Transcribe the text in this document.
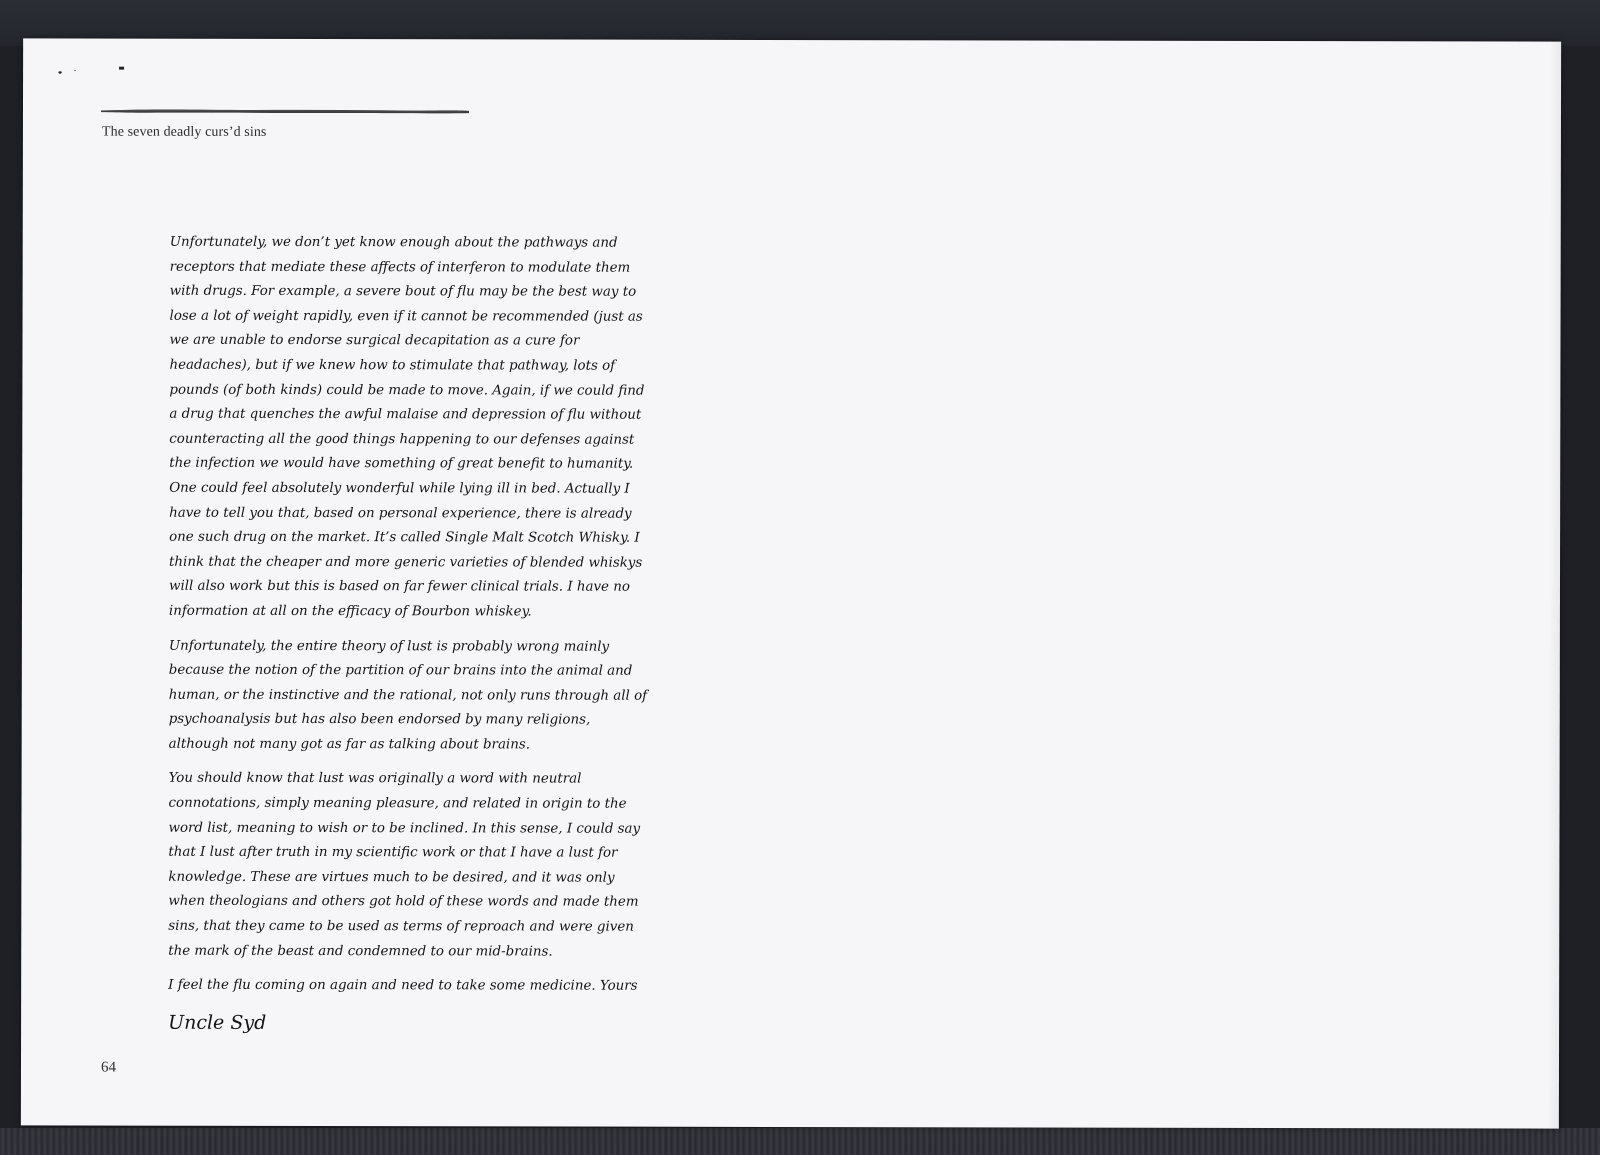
The seven deadly curs’d sins

Unfortunately, we don’t yet know enough about the pathways and receptors that mediate these affects of interferon to modulate them with drugs. For example, a severe bout of flu may be the best way to lose a lot of weight rapidly, even if it cannot be recommended (just as we are unable to endorse surgical decapitation as a cure for headaches), but if we knew how to stimulate that pathway, lots of pounds (of both kinds) could be made to move. Again, if we could find a drug that quenches the awful malaise and depression of flu without counteracting all the good things happening to our defenses against the infection we would have something of great benefit to humanity. One could feel absolutely wonderful while lying ill in bed. Actually I have to tell you that, based on personal experience, there is already one such drug on the market. It’s called Single Malt Scotch Whisky. I think that the cheaper and more generic varieties of blended whiskys will also work but this is based on far fewer clinical trials. I have no information at all on the efficacy of Bourbon whiskey.

Unfortunately, the entire theory of lust is probably wrong mainly because the notion of the partition of our brains into the animal and human, or the instinctive and the rational, not only runs through all of psychoanalysis but has also been endorsed by many religions, although not many got as far as talking about brains.

You should know that lust was originally a word with neutral connotations, simply meaning pleasure, and related in origin to the word list, meaning to wish or to be inclined. In this sense, I could say that I lust after truth in my scientific work or that I have a lust for knowledge. These are virtues much to be desired, and it was only when theologians and others got hold of these words and made them sins, that they came to be used as terms of reproach and were given the mark of the beast and condemned to our mid-brains.

I feel the flu coming on again and need to take some medicine. Yours

Uncle Syd
64
